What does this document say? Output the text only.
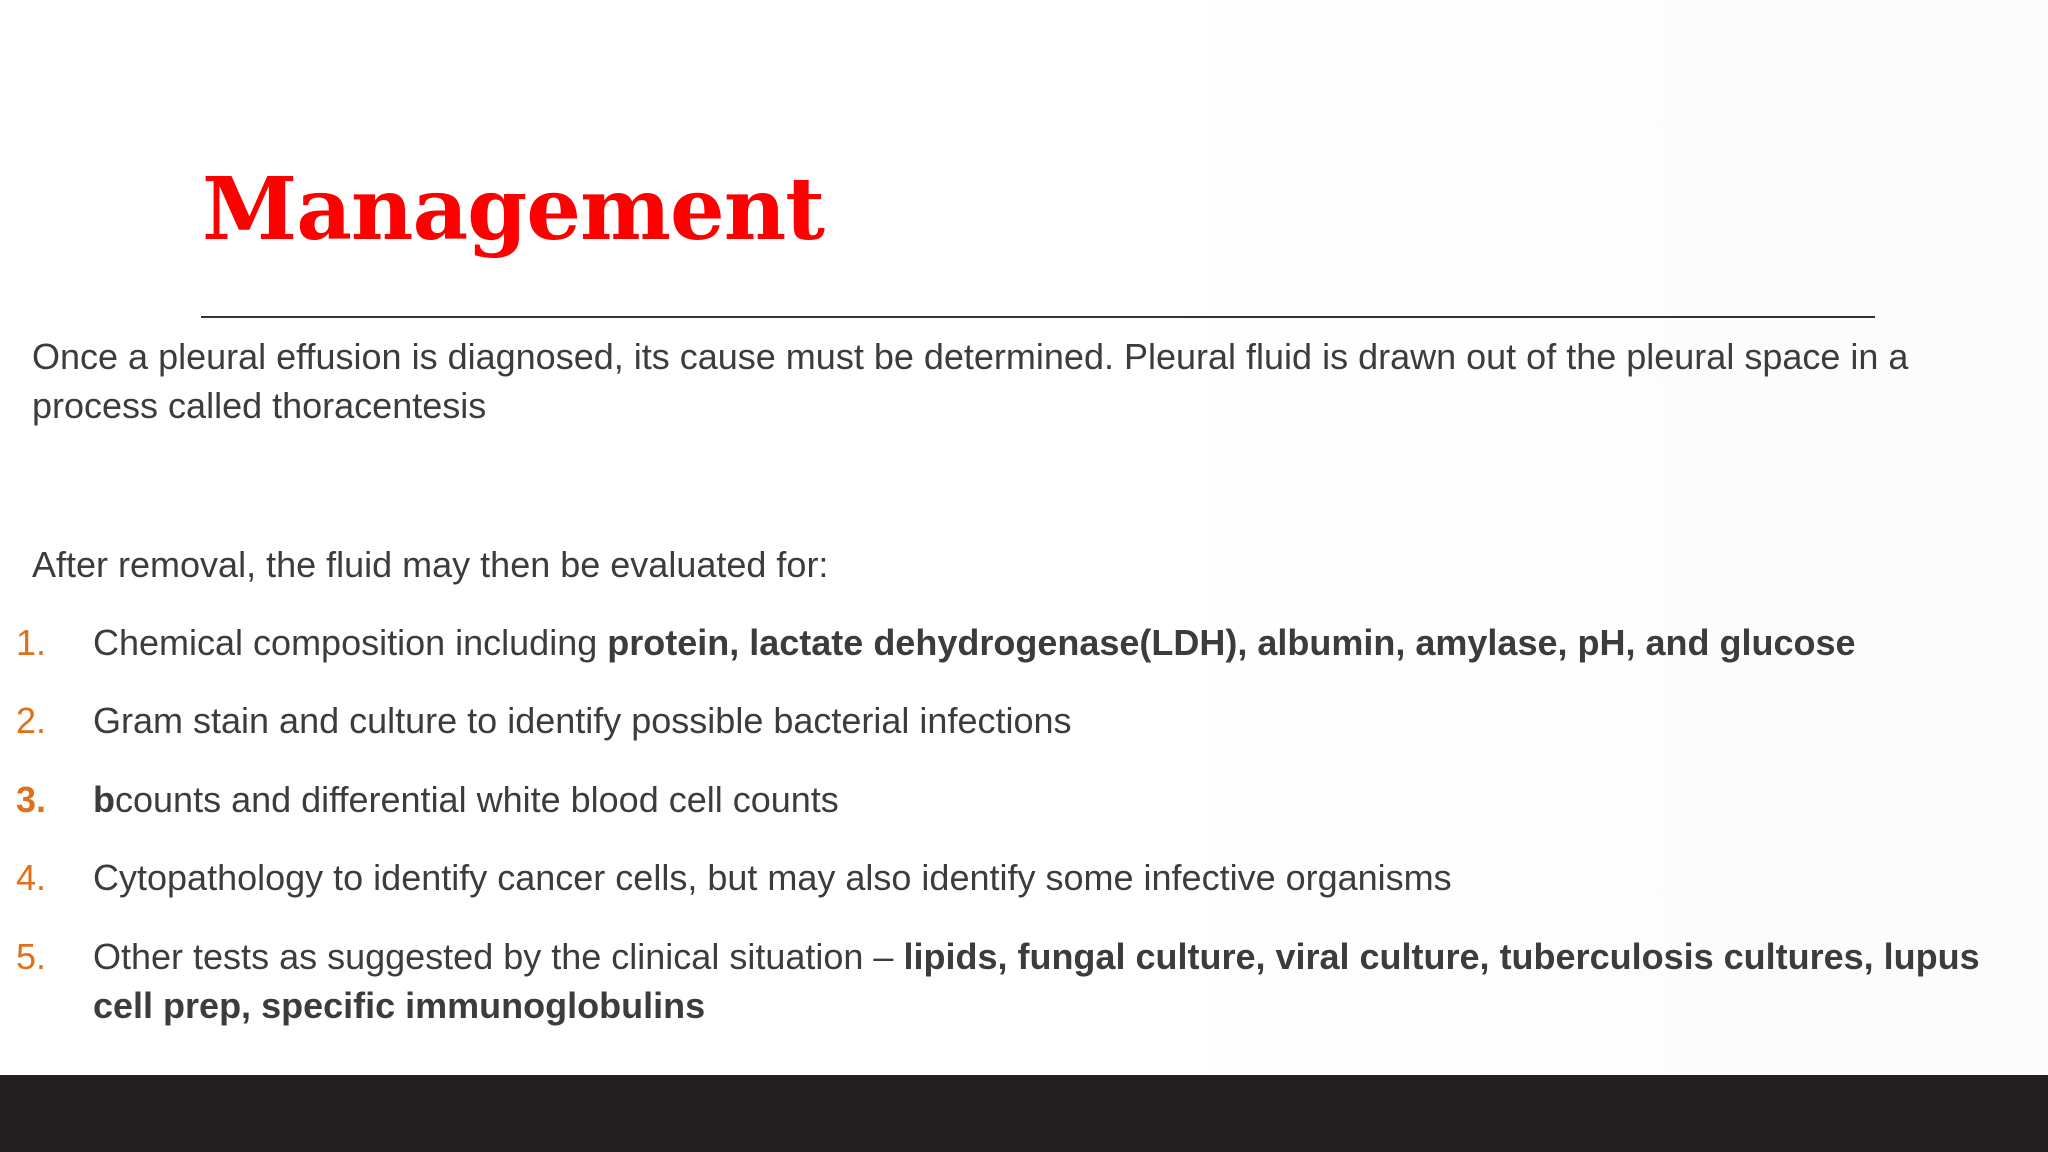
Management

Once a pleural effusion is diagnosed, its cause must be determined. Pleural fluid is drawn out of the pleural space in a process called thoracentesis

After removal, the fluid may then be evaluated for:

1. Chemical composition including protein, lactate dehydrogenase(LDH), albumin, amylase, pH, and glucose
2. Gram stain and culture to identify possible bacterial infections
3. bcounts and differential white blood cell counts
4. Cytopathology to identify cancer cells, but may also identify some infective organisms
5. Other tests as suggested by the clinical situation – lipids, fungal culture, viral culture, tuberculosis cultures, lupus cell prep, specific immunoglobulins
